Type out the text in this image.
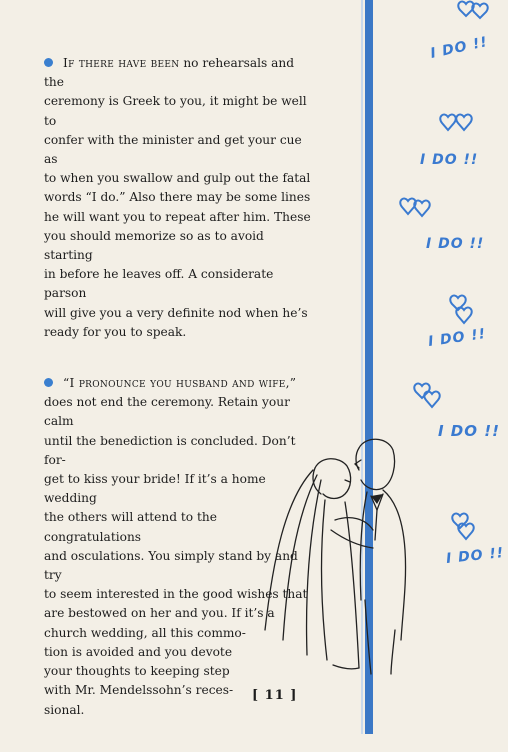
If there have been no rehearsals and the
ceremony is Greek to you, it might be well to
confer with the minister and get your cue as
to when you swallow and gulp out the fatal
words “I do.” Also there may be some lines
he will want you to repeat after him. These
you should memorize so as to avoid starting
in before he leaves off. A considerate parson
will give you a very definite nod when he’s
ready for you to speak.

“I pronounce you husband and wife,”
does not end the ceremony. Retain your calm
until the benediction is concluded. Don’t for-
get to kiss your bride! If it’s a home wedding
the others will attend to the congratulations
and osculations. You simply stand by and try
to seem interested in the good wishes that
are bestowed on her and you. If it’s a
church wedding, all this commo-
tion is avoided and you devote
your thoughts to keeping step
with Mr. Mendelssohn’s reces-
sional.

I DO !!
I DO !!
I DO !!
I DO !!
I DO !!
I DO !!
[ 11 ]
